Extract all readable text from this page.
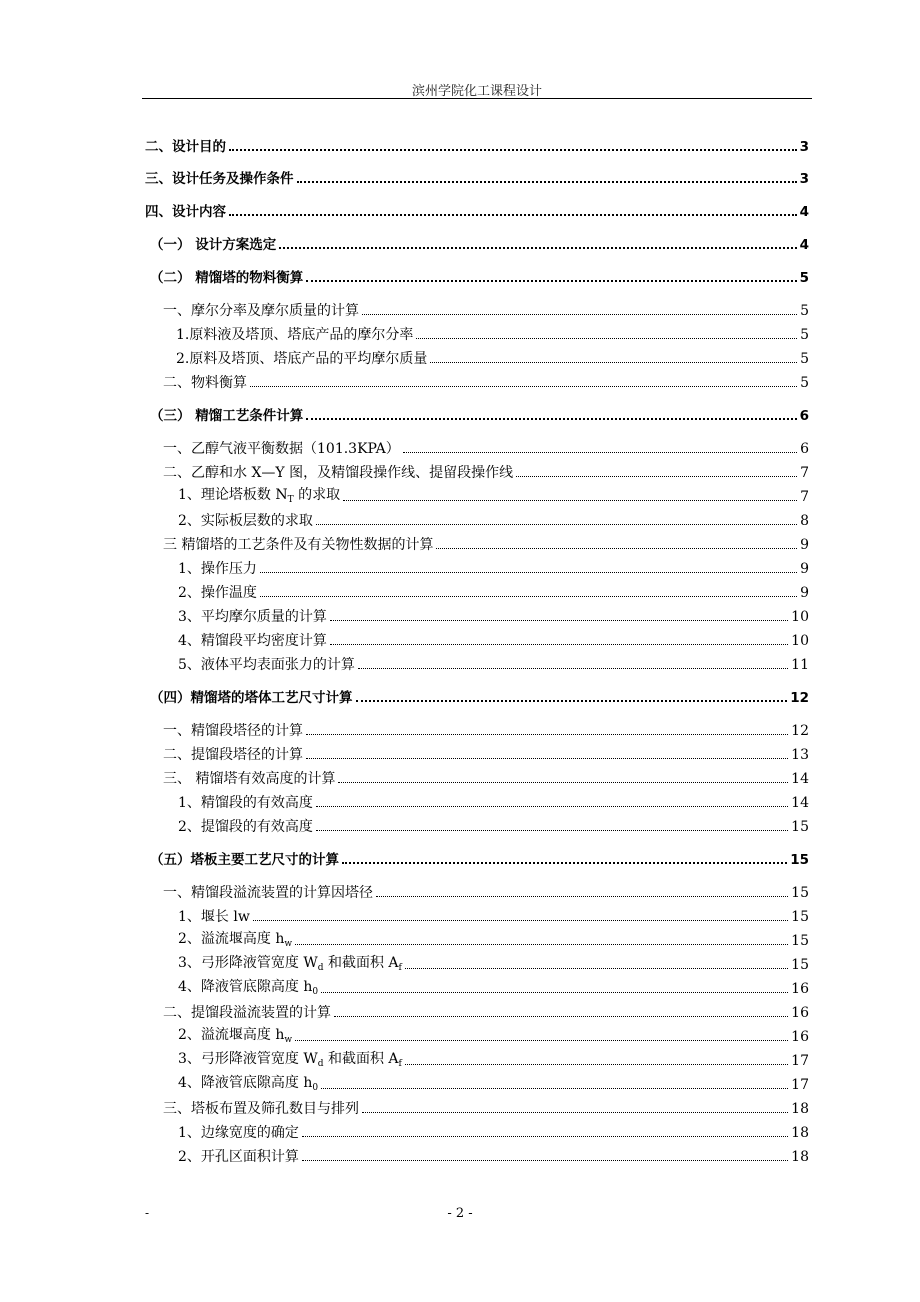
滨州学院化工课程设计
二、设计目的	3
三、设计任务及操作条件	3
四、设计内容	4
（一） 设计方案选定	4
（二） 精馏塔的物料衡算	5
一、摩尔分率及摩尔质量的计算	5
1.原料液及塔顶、塔底产品的摩尔分率	5
2.原料及塔顶、塔底产品的平均摩尔质量	5
二、物料衡算	5
（三） 精馏工艺条件计算	6
一、乙醇气液平衡数据（101.3KPA）	6
二、乙醇和水 X—Y 图，及精馏段操作线、提留段操作线	7
1、理论塔板数 $N_T$ 的求取	7
2、实际板层数的求取	8
三 精馏塔的工艺条件及有关物性数据的计算	9
1、操作压力	9
2、操作温度	9
3、平均摩尔质量的计算	10
4、精馏段平均密度计算	10
5、液体平均表面张力的计算	11
（四）精馏塔的塔体工艺尺寸计算	12
一、精馏段塔径的计算	12
二、提馏段塔径的计算	13
三、 精馏塔有效高度的计算	14
1、精馏段的有效高度	14
2、提馏段的有效高度	15
（五）塔板主要工艺尺寸的计算	15
一、精馏段溢流装置的计算因塔径	15
1、堰长 lw	15
2、溢流堰高度 $h_w$	15
3、弓形降液管宽度 $W_d$ 和截面积 $A_f$	15
4、降液管底隙高度 $h_0$	16
二、提馏段溢流装置的计算	16
2、溢流堰高度 $h_w$	16
3、弓形降液管宽度 $W_d$ 和截面积 $A_f$	17
4、降液管底隙高度 $h_0$	17
三、塔板布置及筛孔数目与排列	18
1、边缘宽度的确定	18
2、开孔区面积计算	18
-	- 2 -
